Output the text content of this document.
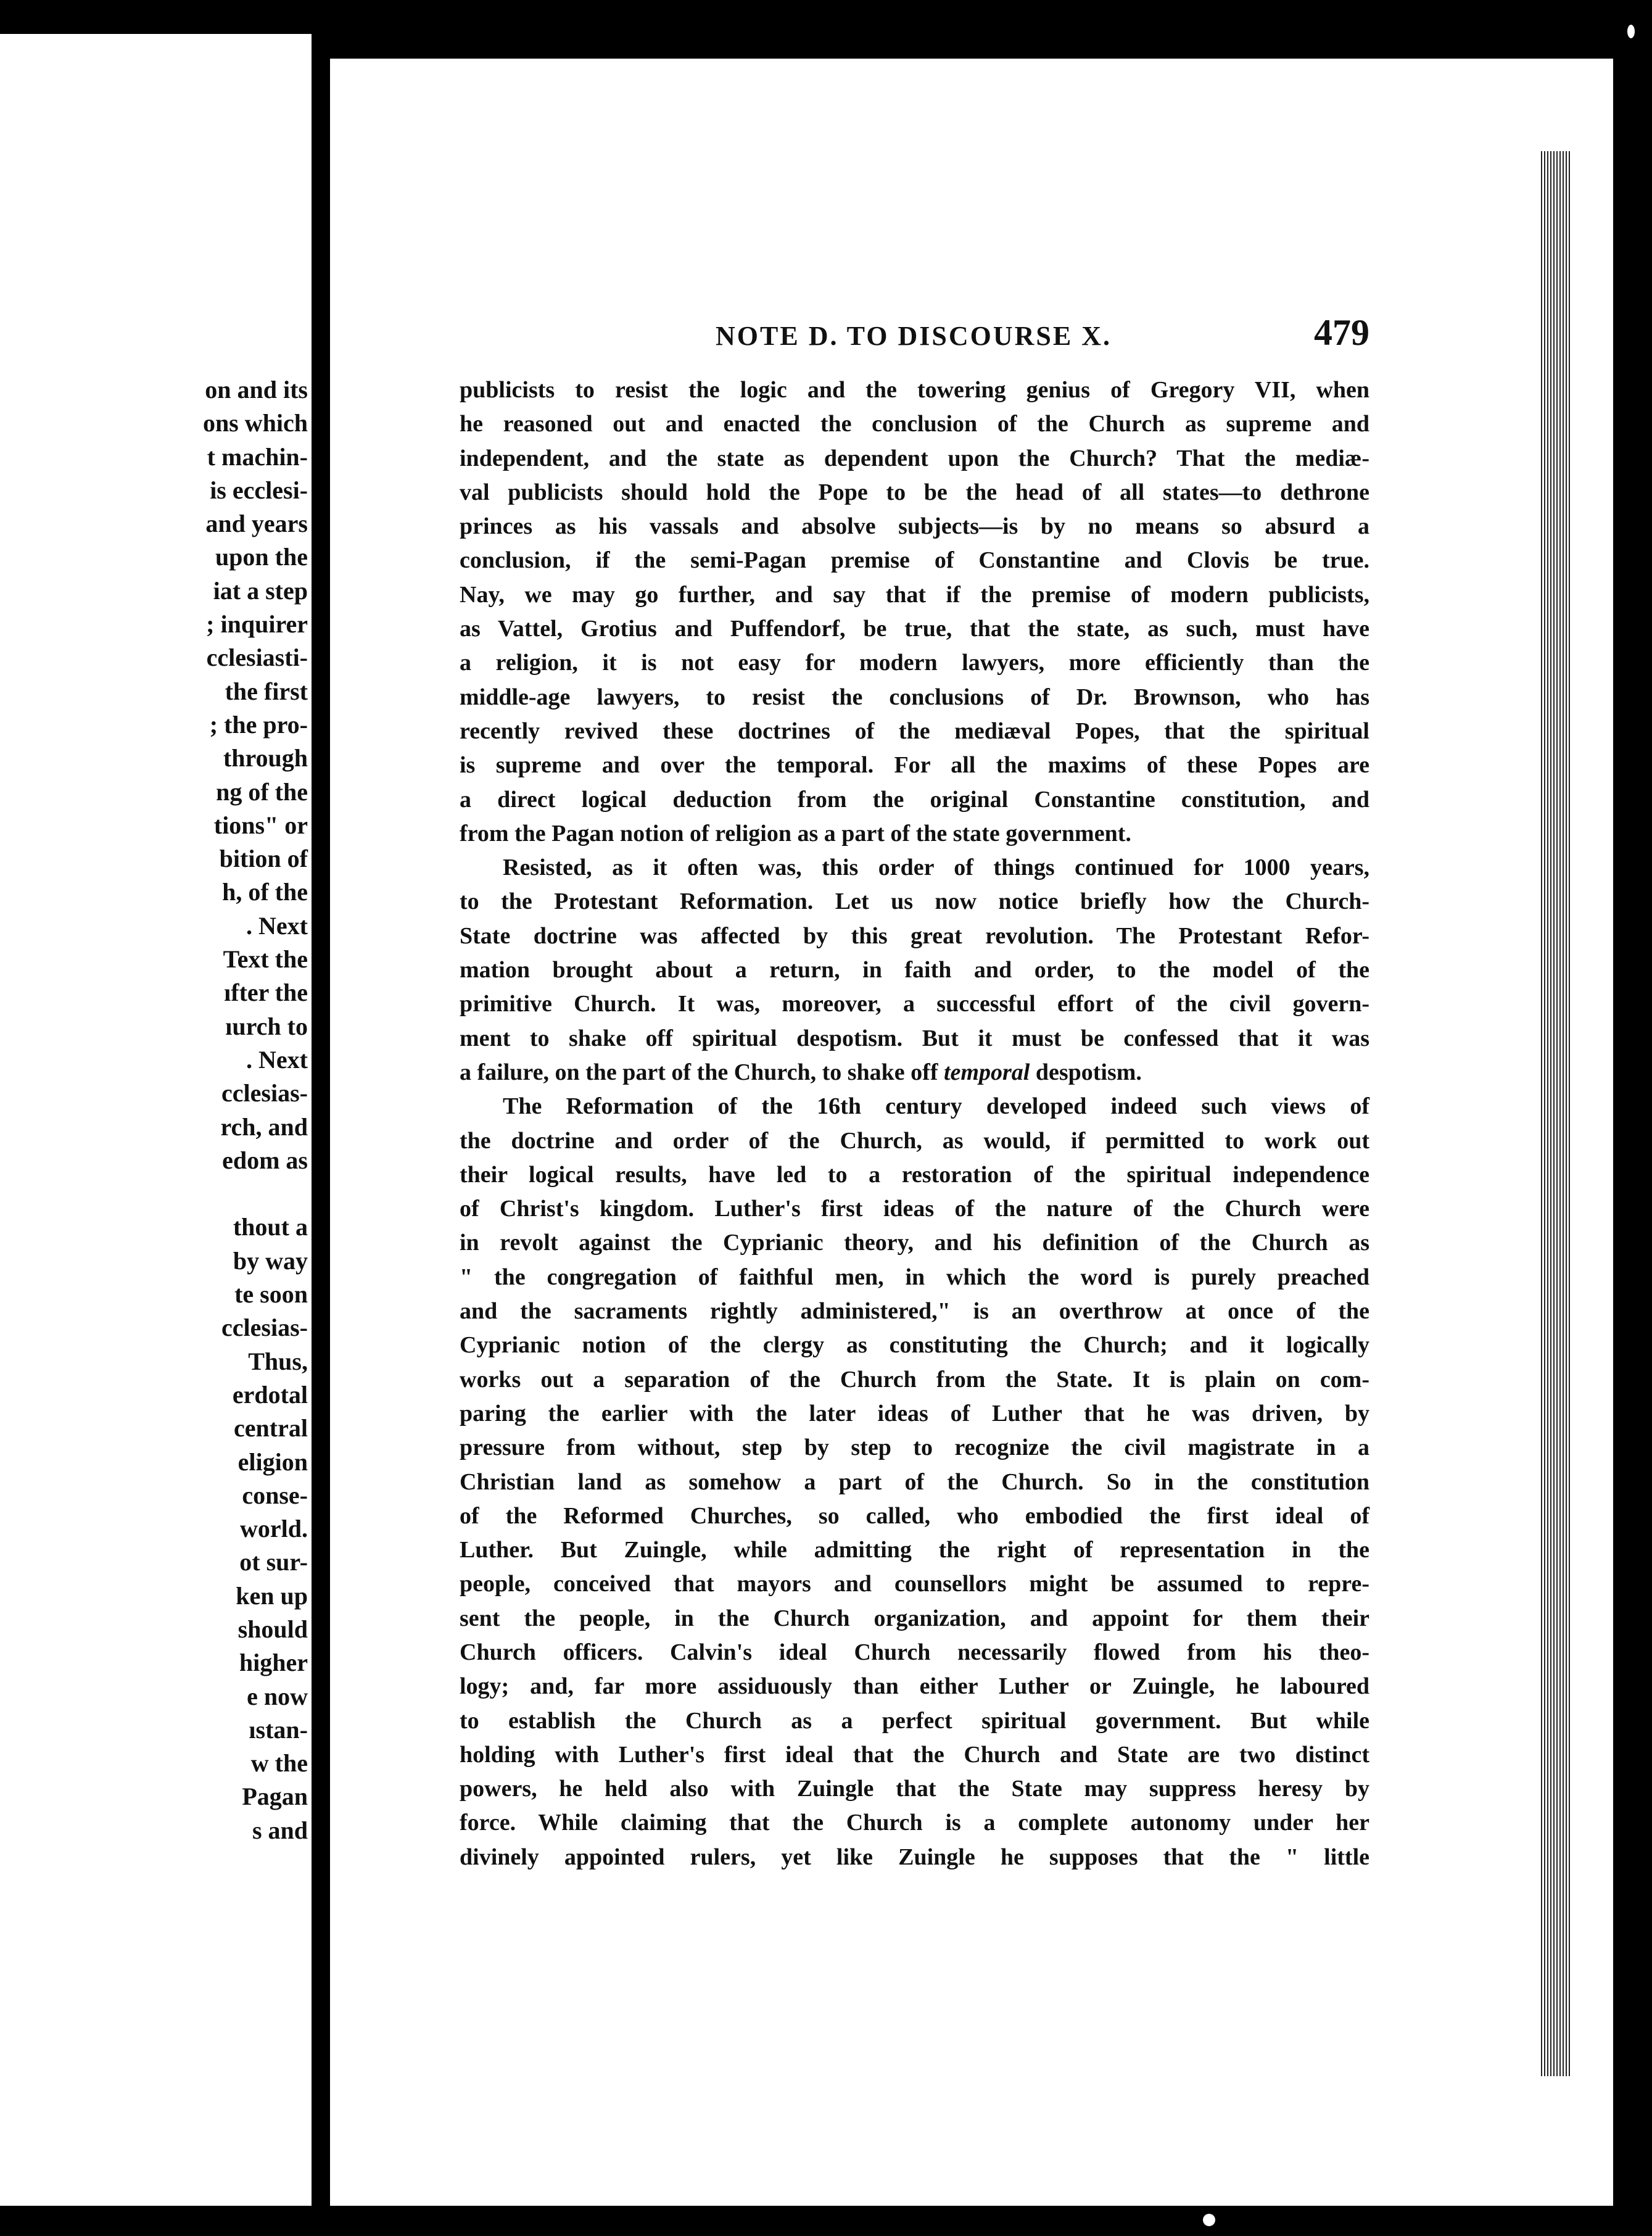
on and its
ons which
t machin-
is ecclesi-
and years
upon the
iat a step
; inquirer
cclesiasti-
the first
; the pro-
through
ng of the
tions" or
bition of
h, of the
. Next
Text the
ıfter the
ıurch to
. Next
cclesias-
rch, and
edom as

thout a
by way
te soon
cclesias-
Thus,
erdotal
central
eligion
conse-
world.
ot sur-
ken up
should
higher
e now
ıstan-
w the
Pagan
s and
NOTE D. TO DISCOURSE X.	479
publicists to resist the logic and the towering genius of Gregory VII, when
he reasoned out and enacted the conclusion of the Church as supreme and
independent, and the state as dependent upon the Church? That the mediæ-
val publicists should hold the Pope to be the head of all states—to dethrone
princes as his vassals and absolve subjects—is by no means so absurd a
conclusion, if the semi-Pagan premise of Constantine and Clovis be true.
Nay, we may go further, and say that if the premise of modern publicists,
as Vattel, Grotius and Puffendorf, be true, that the state, as such, must have
a religion, it is not easy for modern lawyers, more efficiently than the
middle-age lawyers, to resist the conclusions of Dr. Brownson, who has
recently revived these doctrines of the mediæval Popes, that the spiritual
is supreme and over the temporal. For all the maxims of these Popes are
a direct logical deduction from the original Constantine constitution, and
from the Pagan notion of religion as a part of the state government.
Resisted, as it often was, this order of things continued for 1000 years,
to the Protestant Reformation. Let us now notice briefly how the Church-
State doctrine was affected by this great revolution. The Protestant Refor-
mation brought about a return, in faith and order, to the model of the
primitive Church. It was, moreover, a successful effort of the civil govern-
ment to shake off spiritual despotism. But it must be confessed that it was
a failure, on the part of the Church, to shake off temporal despotism.
The Reformation of the 16th century developed indeed such views of
the doctrine and order of the Church, as would, if permitted to work out
their logical results, have led to a restoration of the spiritual independence
of Christ's kingdom. Luther's first ideas of the nature of the Church were
in revolt against the Cyprianic theory, and his definition of the Church as
" the congregation of faithful men, in which the word is purely preached
and the sacraments rightly administered," is an overthrow at once of the
Cyprianic notion of the clergy as constituting the Church; and it logically
works out a separation of the Church from the State. It is plain on com-
paring the earlier with the later ideas of Luther that he was driven, by
pressure from without, step by step to recognize the civil magistrate in a
Christian land as somehow a part of the Church. So in the constitution
of the Reformed Churches, so called, who embodied the first ideal of
Luther. But Zuingle, while admitting the right of representation in the
people, conceived that mayors and counsellors might be assumed to repre-
sent the people, in the Church organization, and appoint for them their
Church officers. Calvin's ideal Church necessarily flowed from his theo-
logy; and, far more assiduously than either Luther or Zuingle, he laboured
to establish the Church as a perfect spiritual government. But while
holding with Luther's first ideal that the Church and State are two distinct
powers, he held also with Zuingle that the State may suppress heresy by
force. While claiming that the Church is a complete autonomy under her
divinely appointed rulers, yet like Zuingle he supposes that the " little
